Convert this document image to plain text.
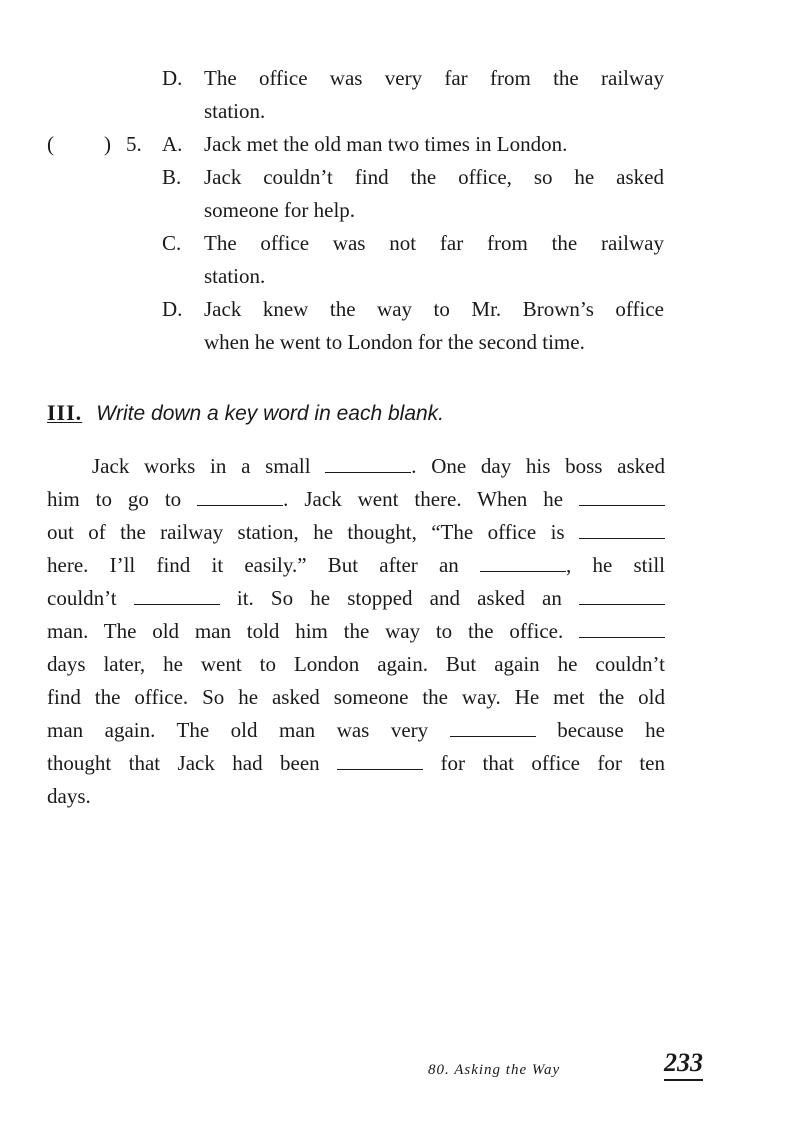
D.	The office was very far from the railway
station.
( ) 5. A. Jack met the old man two times in London.
B.	Jack couldn’t find the office, so he asked
someone for help.
C.	The office was not far from the railway
station.
D.	Jack knew the way to Mr. Brown’s office
when he went to London for the second time.
III. Write down a key word in each blank.
Jack works in a small	. One day his boss asked
him to go to	. Jack went there. When he
out of the railway station, he thought, “The office is
here. I’ll find it easily.” But after an	, he still
couldn’t	it. So he stopped and asked an
man. The old man told him the way to the office.
days later, he went to London again. But again he couldn’t
find the office. So he asked someone the way. He met the old
man again. The old man was very	because he
thought that Jack had been	for that office for ten
days.
80. Asking the Way	233
